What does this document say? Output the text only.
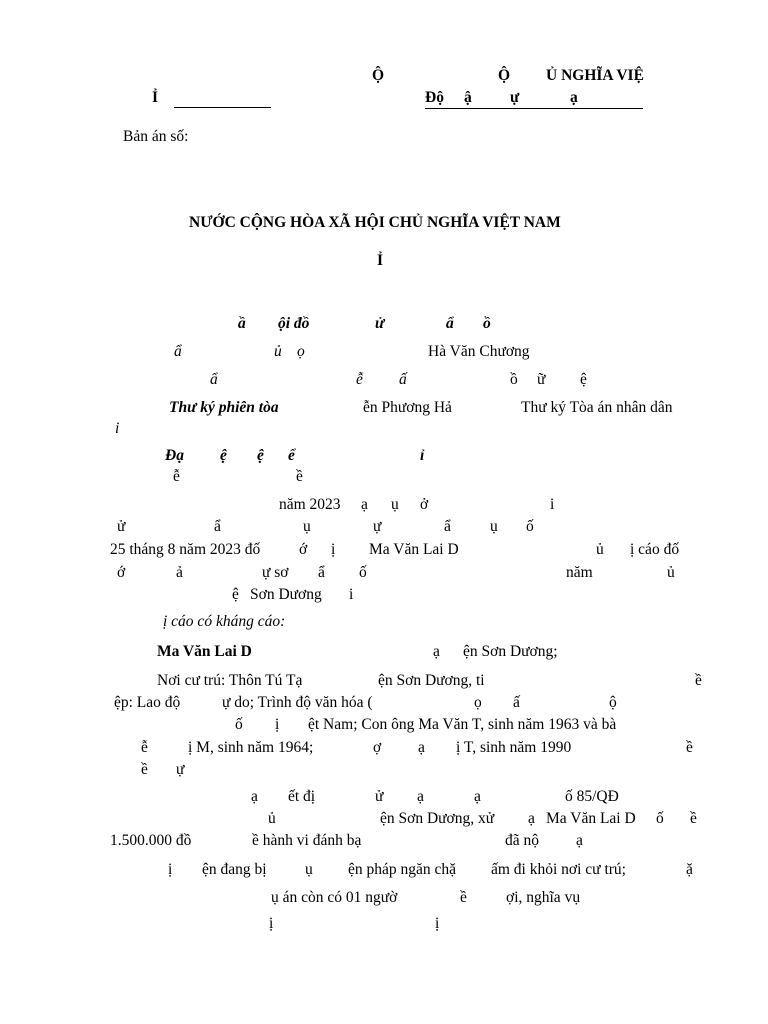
Ỉ
Ộ	Ộ Ủ NGHĨA VIỆ
Độ ậ ự	ạ
Bản án số:
NƯỚC CỘNG HÒA XÃ HỘI CHỦ NGHĨA VIỆT NAM
Ỉ
ầ ội đồ	ử	ẩ ồ
ẩ	ủ ọ	Hà Văn Chương
ẩ	ễ ấ	ồ ữ ệ
Thư ký phiên tòa	ễn Phương Hả	Thư ký Tòa án nhân dân
i
Đạ ệ ệ ể	ỉ
ễ	ề
năm 2023 ạ ụ ở	i
ử	ẩ	ụ	ự	ẩ	ụ ố
25 tháng 8 năm 2023 đố	ớ ị Ma Văn Lai D	ủ ị cáo đố
ớ	ả	ự sơ ẩ ố	năm	ủ
ệ Sơn Dương i
ị cáo có kháng cáo:
Ma Văn Lai D	ạ ện Sơn Dương;
Nơi cư trú: Thôn Tú Tạ	ện Sơn Dương, ti	ề
ệp: Lao độ	ự do; Trình độ văn hóa (	ọ ấ	ộ
ố ị ệt Nam; Con ông Ma Văn T, sinh năm 1963 và bà
ễ	ị M, sinh năm 1964;	ợ ạ ị T, sinh năm 1990	ề
ề ự
ạ ết đị	ử ạ	ạ	ố 85/QĐ
ủ	ện Sơn Dương, xử ạ Ma Văn Lai D ố ề
1.500.000 đồ	ề hành vi đánh bạ	đã nộ ạ
ị ện đang bị ụ ện pháp ngăn chặ ấm đi khỏi nơi cư trú;	ặ
ụ án còn có 01 ngườ	ề	ợi, nghĩa vụ
ị	ị
